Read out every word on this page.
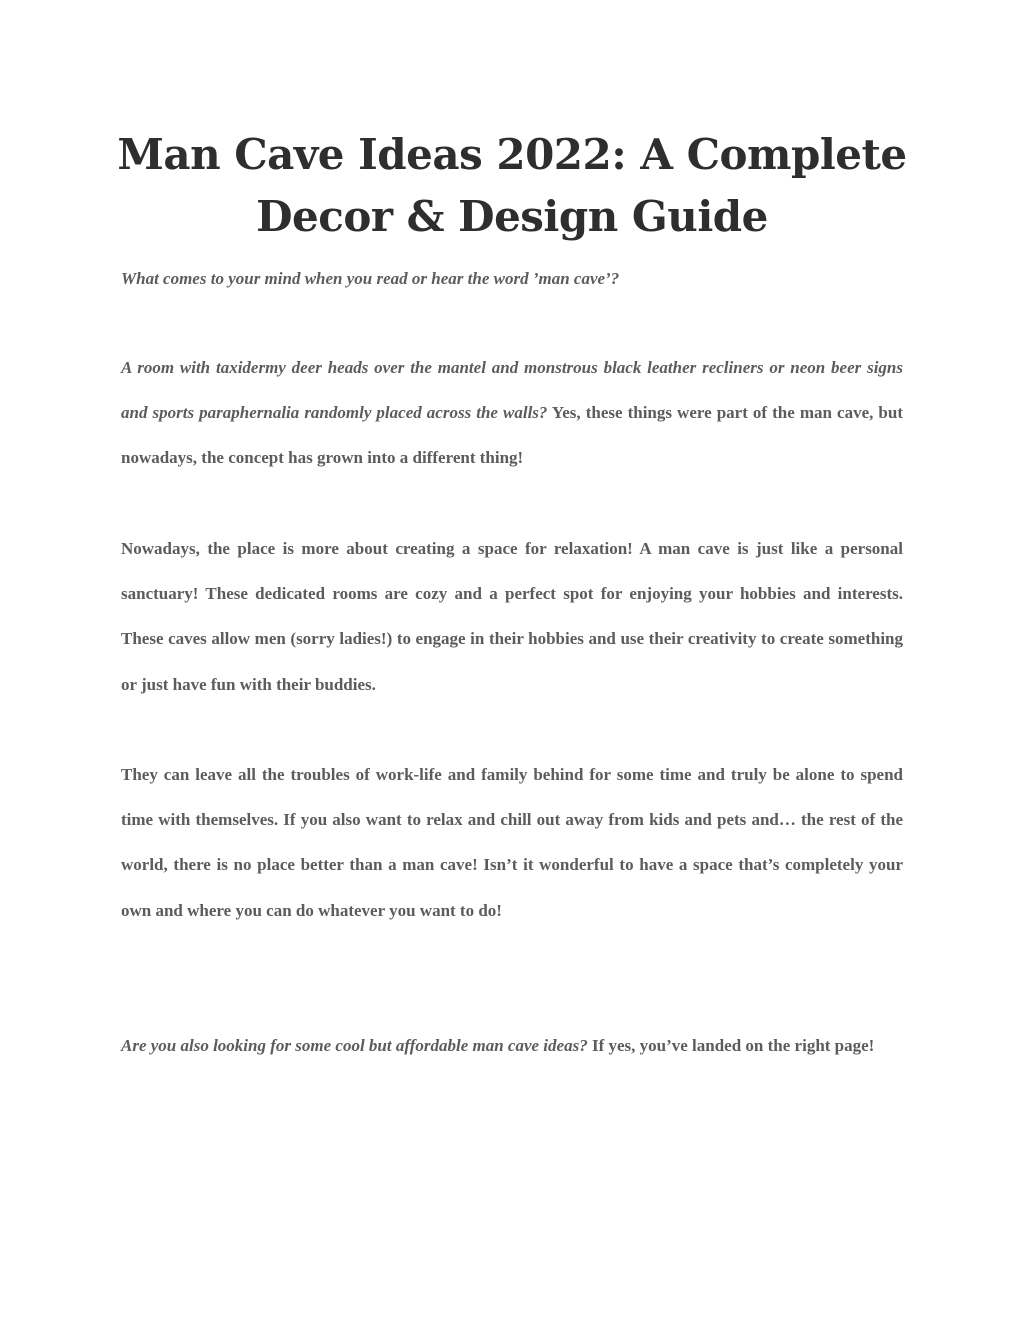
Man Cave Ideas 2022: A Complete
Decor & Design Guide

What comes to your mind when you read or hear the word ’man cave’?

A room with taxidermy deer heads over the mantel and monstrous black leather recliners or neon beer signs and sports paraphernalia randomly placed across the walls? Yes, these things were part of the man cave, but nowadays, the concept has grown into a different thing!

Nowadays, the place is more about creating a space for relaxation! A man cave is just like a personal sanctuary! These dedicated rooms are cozy and a perfect spot for enjoying your hobbies and interests. These caves allow men (sorry ladies!) to engage in their hobbies and use their creativity to create something or just have fun with their buddies.

They can leave all the troubles of work-life and family behind for some time and truly be alone to spend time with themselves. If you also want to relax and chill out away from kids and pets and… the rest of the world, there is no place better than a man cave! Isn’t it wonderful to have a space that’s completely your own and where you can do whatever you want to do!

Are you also looking for some cool but affordable man cave ideas? If yes, you’ve landed on the right page!
